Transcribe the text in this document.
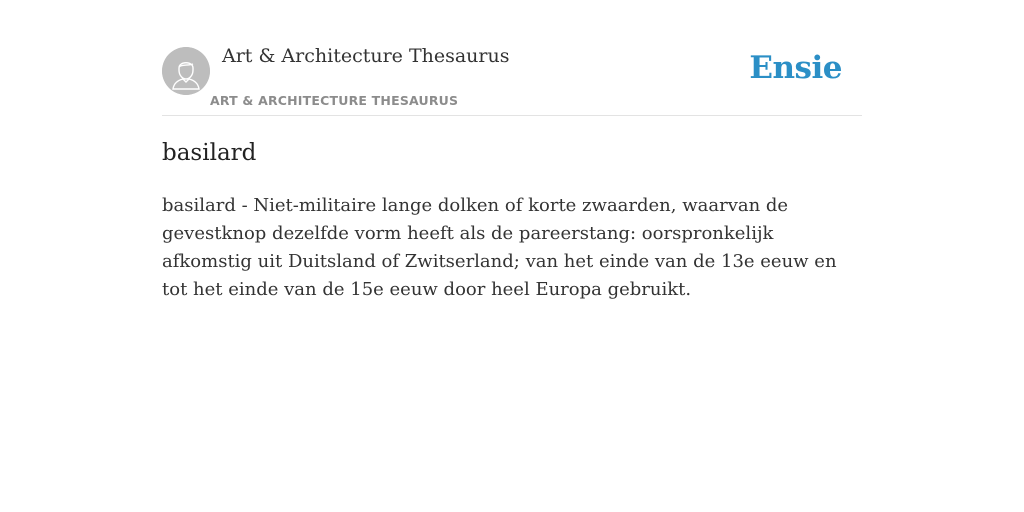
Art & Architecture Thesaurus
ART & ARCHITECTURE THESAURUS
Ensie
basilard

basilard - Niet-militaire lange dolken of korte zwaarden, waarvan de gevestknop dezelfde vorm heeft als de pareerstang: oorspronkelijk afkomstig uit Duitsland of Zwitserland; van het einde van de 13e eeuw en tot het einde van de 15e eeuw door heel Europa gebruikt.
